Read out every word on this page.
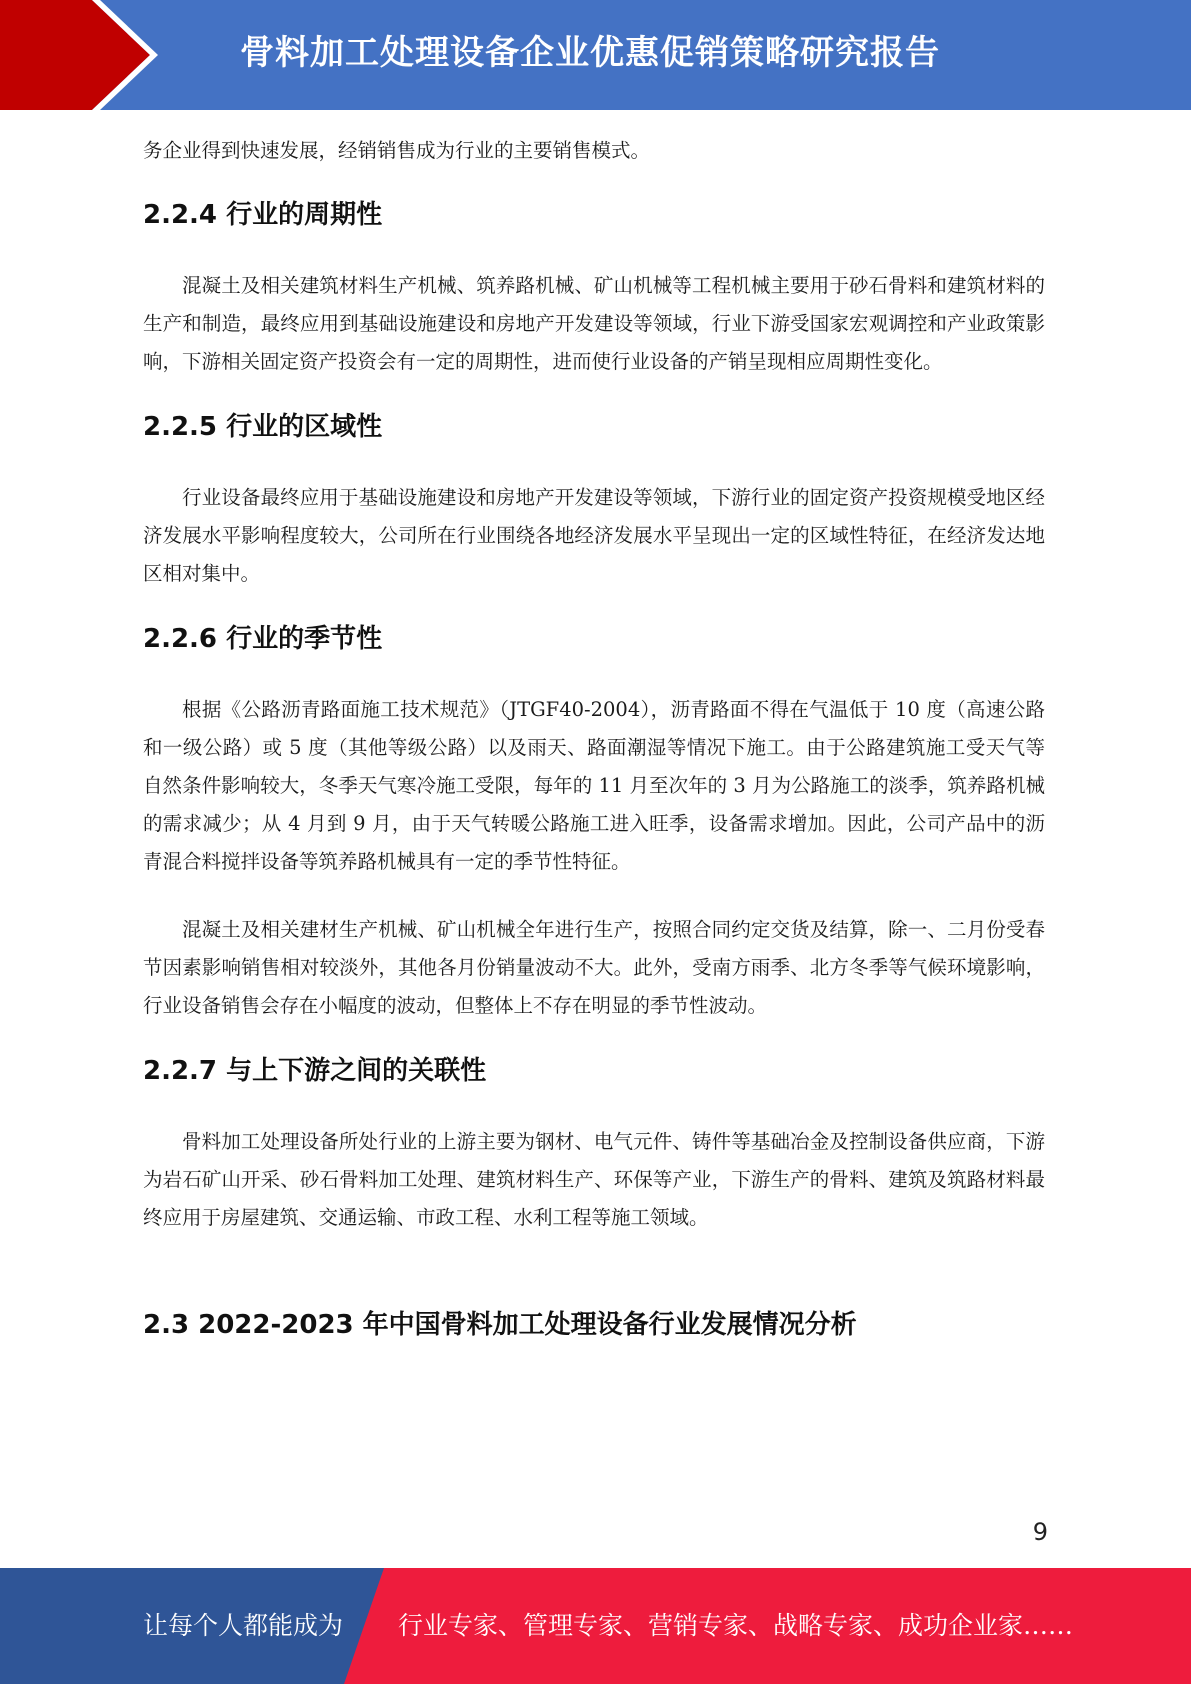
骨料加工处理设备企业优惠促销策略研究报告

务企业得到快速发展，经销销售成为行业的主要销售模式。

2.2.4 行业的周期性

混凝土及相关建筑材料生产机械、筑养路机械、矿山机械等工程机械主要用于砂石骨料和建筑材料的生产和制造，最终应用到基础设施建设和房地产开发建设等领域，行业下游受国家宏观调控和产业政策影响，下游相关固定资产投资会有一定的周期性，进而使行业设备的产销呈现相应周期性变化。

2.2.5 行业的区域性

行业设备最终应用于基础设施建设和房地产开发建设等领域，下游行业的固定资产投资规模受地区经济发展水平影响程度较大，公司所在行业围绕各地经济发展水平呈现出一定的区域性特征，在经济发达地区相对集中。

2.2.6 行业的季节性

根据《公路沥青路面施工技术规范》（JTGF40-2004），沥青路面不得在气温低于 10 度（高速公路和一级公路）或 5 度（其他等级公路）以及雨天、路面潮湿等情况下施工。由于公路建筑施工受天气等自然条件影响较大，冬季天气寒冷施工受限，每年的 11 月至次年的 3 月为公路施工的淡季，筑养路机械的需求减少；从 4 月到 9 月，由于天气转暖公路施工进入旺季，设备需求增加。因此，公司产品中的沥青混合料搅拌设备等筑养路机械具有一定的季节性特征。

混凝土及相关建材生产机械、矿山机械全年进行生产，按照合同约定交货及结算，除一、二月份受春节因素影响销售相对较淡外，其他各月份销量波动不大。此外，受南方雨季、北方冬季等气候环境影响，行业设备销售会存在小幅度的波动，但整体上不存在明显的季节性波动。

2.2.7 与上下游之间的关联性

骨料加工处理设备所处行业的上游主要为钢材、电气元件、铸件等基础冶金及控制设备供应商，下游为岩石矿山开采、砂石骨料加工处理、建筑材料生产、环保等产业，下游生产的骨料、建筑及筑路材料最终应用于房屋建筑、交通运输、市政工程、水利工程等施工领域。

2.3 2022-2023 年中国骨料加工处理设备行业发展情况分析
9
让每个人都能成为 行业专家、管理专家、营销专家、战略专家、成功企业家……
